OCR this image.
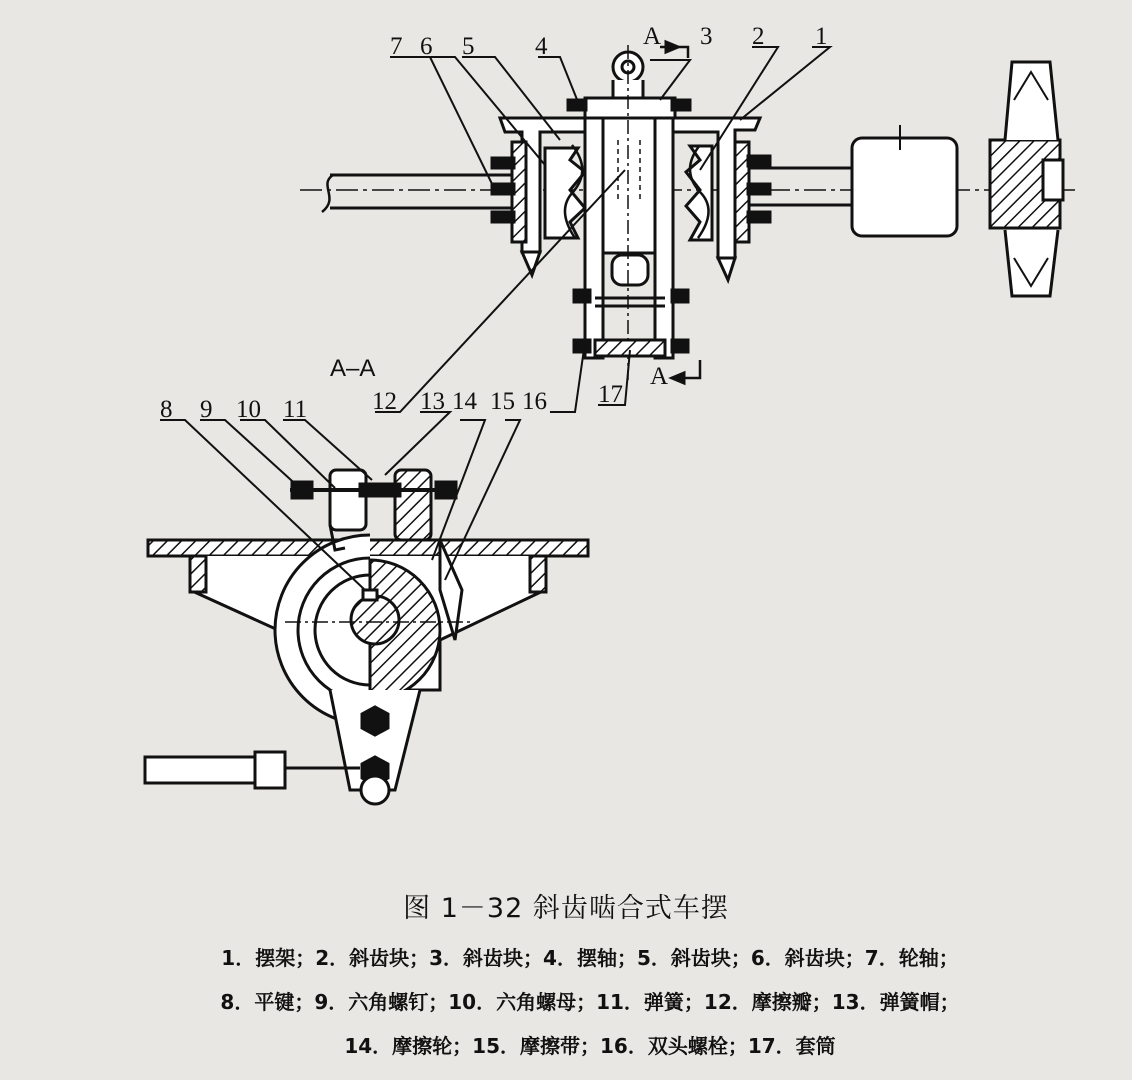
1
2
3
4
5
6
7
8 9 10 11	12 13 14 15 16 17
A–A
A
A
图 1－32 斜齿啮合式车摆
1．摆架；2．斜齿块；3．斜齿块；4．摆轴；5．斜齿块；6．斜齿块；7．轮轴；
8．平键；9．六角螺钉；10．六角螺母；11．弹簧；12．摩擦瓣；13．弹簧帽；
14．摩擦轮；15．摩擦带；16．双头螺栓；17．套筒
